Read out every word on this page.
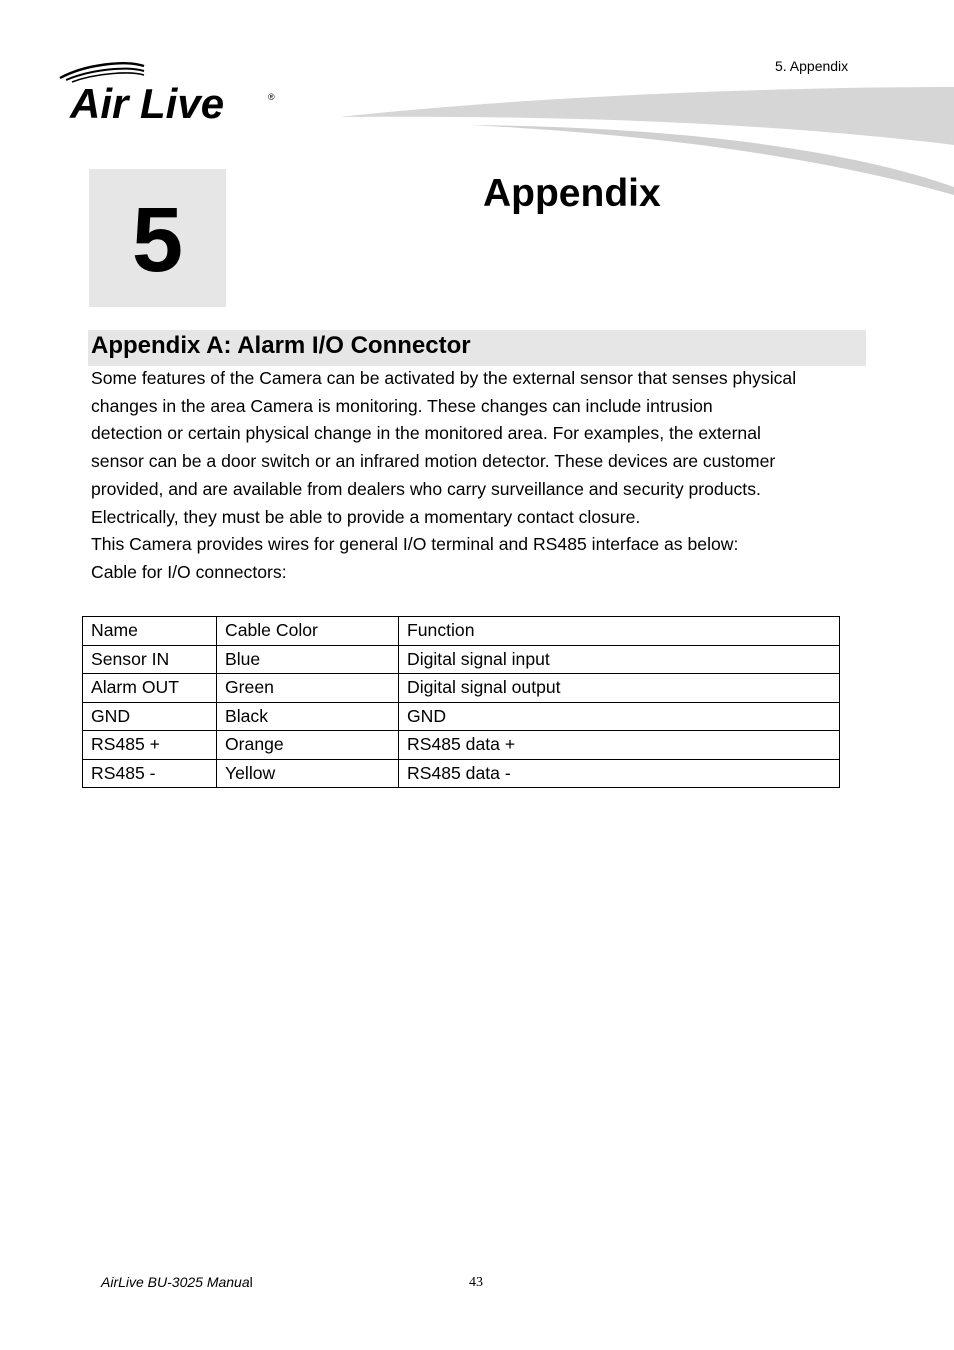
5. Appendix
Air Live	®
5	Appendix
Appendix A: Alarm I/O Connector
Some features of the Camera can be activated by the external sensor that senses physical
changes in the area Camera is monitoring. These changes can include intrusion
detection or certain physical change in the monitored area. For examples, the external
sensor can be a door switch or an infrared motion detector. These devices are customer
provided, and are available from dealers who carry surveillance and security products.
Electrically, they must be able to provide a momentary contact closure.
This Camera provides wires for general I/O terminal and RS485 interface as below:
Cable for I/O connectors:
Name	Cable Color	Function
Sensor IN	Blue	Digital signal input
Alarm OUT	Green	Digital signal output
GND	Black	GND
RS485 +	Orange	RS485 data +
RS485 -	Yellow	RS485 data -
AirLive BU-3025 Manual	43
